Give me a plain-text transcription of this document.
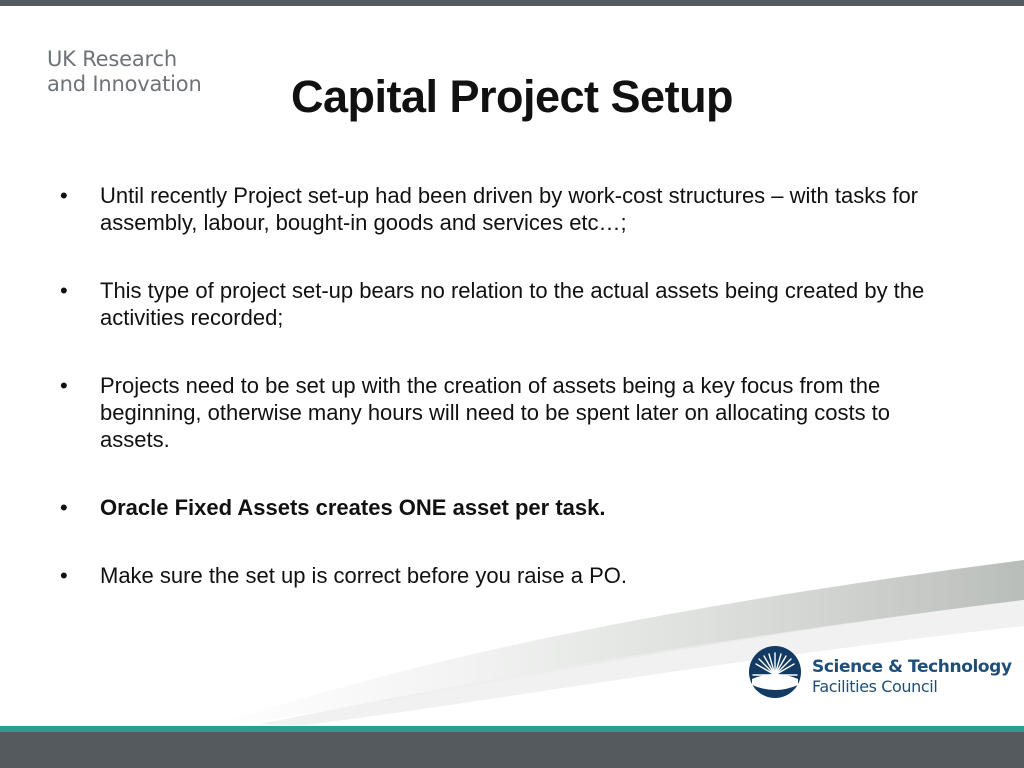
UK Research
and Innovation	Capital Project Setup
• Until recently Project set-up had been driven by work-cost structures – with tasks for assembly, labour, bought-in goods and services etc…;
• This type of project set-up bears no relation to the actual assets being created by the activities recorded;
• Projects need to be set up with the creation of assets being a key focus from the beginning, otherwise many hours will need to be spent later on allocating costs to assets.
• Oracle Fixed Assets creates ONE asset per task.
• Make sure the set up is correct before you raise a PO.
Science & Technology
Facilities Council
